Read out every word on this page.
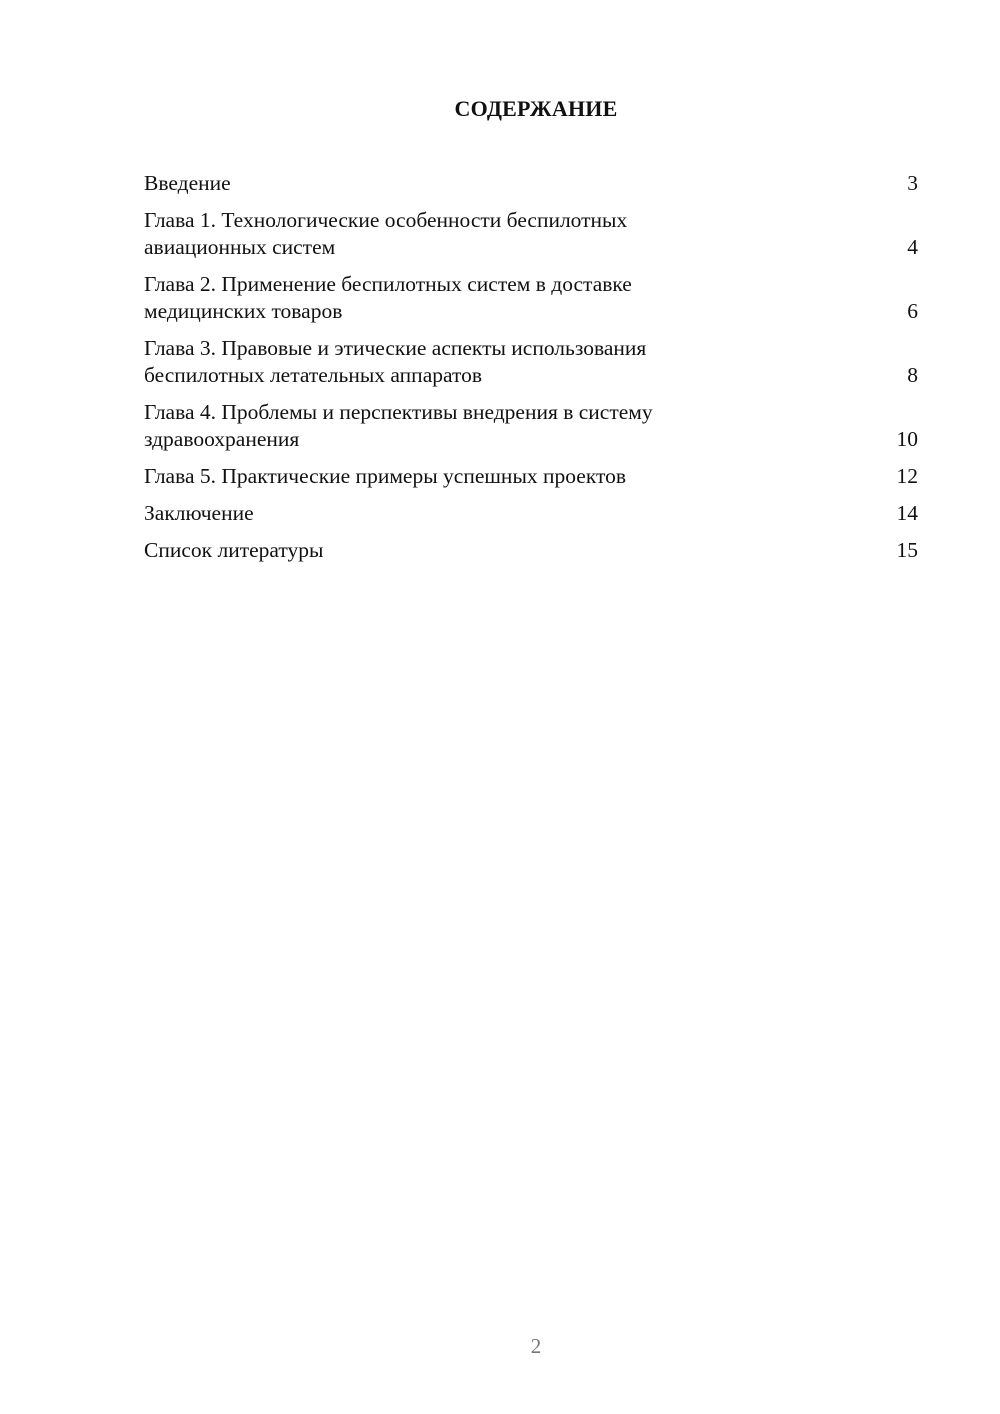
СОДЕРЖАНИЕ
Введение	3
Глава 1. Технологические особенности беспилотных
авиационных систем	4
Глава 2. Применение беспилотных систем в доставке
медицинских товаров	6
Глава 3. Правовые и этические аспекты использования
беспилотных летательных аппаратов	8
Глава 4. Проблемы и перспективы внедрения в систему
здравоохранения	10
Глава 5. Практические примеры успешных проектов	12
Заключение	14
Список литературы	15
2
